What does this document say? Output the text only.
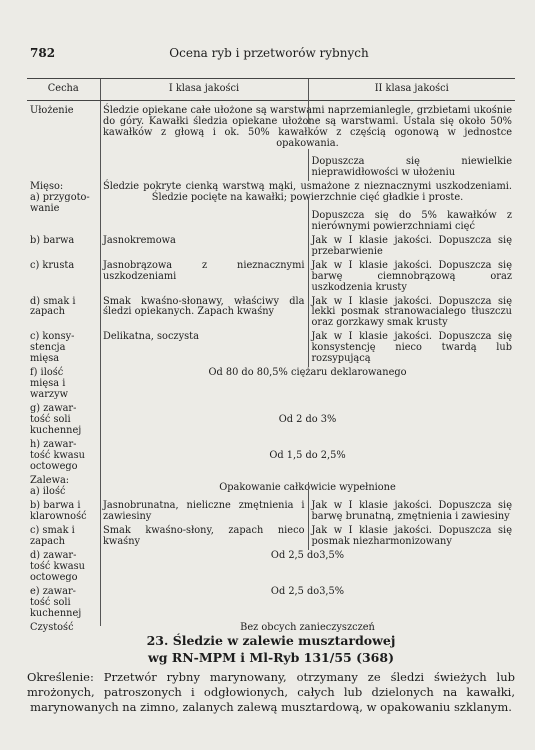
782	Ocena ryb i przetworów rybnych
Cecha	I klasa jakości	II klasa jakości
Ułożenie	Śledzie opiekane całe ułożone są warstwami naprzemianlegle, grzbietami ukośnie do góry. Kawałki śledzia opiekane ułożone są warstwami. Ustala się około 50% kawałków z głową i ok. 50% kawałków z częścią ogonową w jednostce opakowania.	

		Dopuszcza się niewielkie nieprawidłowości w ułożeniu
Mięso:
a) przygoto-
wanie	Śledzie pokryte cienką warstwą mąki, usmażone z nieznacznymi uszkodzeniami. Śledzie pocięte na kawałki; powierzchnie cięć gładkie i proste.	
		Dopuszcza się do 5% kawałków z nierównymi powierzchniami cięć
b) barwa	Jasnokremowa	Jak w I klasie jakości. Dopuszcza się przebarwienie
c) krusta	Jasnobrązowa z nieznacznymi uszkodzeniami	Jak w I klasie jakości. Dopuszcza się barwę ciemnobrązową oraz uszkodzenia krusty
d) smak i
zapach	Smak kwaśno-słonawy, właściwy dla śledzi opiekanych. Zapach kwaśny	Jak w I klasie jakości. Dopuszcza się lekki posmak stranowacialego tłuszczu oraz gorzkawy smak krusty
c) konsy-
stencja
mięsa	Delikatna, soczysta	Jak w I klasie jakości. Dopuszcza się konsystencję nieco twardą lub rozsypującą
f) ilość
mięsa i
warzyw	Od 80 do 80,5% ciężaru deklarowanego	
g) zawar-
tość soli
kuchennej	Od 2 do 3%	
h) zawar-
tość kwasu
octowego	Od 1,5 do 2,5%	
Zalewa:
a) ilość	Opakowanie całkowicie wypełnione	
b) barwa i
klarowność	Jasnobrunatna, nieliczne zmętnienia i zawiesiny	Jak w I klasie jakości. Dopuszcza się barwę brunatną, zmętnienia i zawiesiny
c) smak i
zapach	Smak kwaśno-słony, zapach nieco kwaśny	Jak w I klasie jakości. Dopuszcza się posmak niezharmonizowany
d) zawar-
tość kwasu
octowego	Od 2,5 do3,5%	
e) zawar-
tość soli
kuchennej	Od 2,5 do3,5%	
Czystość	Bez obcych zanieczyszczeń	
23. Śledzie w zalewie musztardowej
wg RN-MPM i Ml-Ryb 131/55 (368)
Określenie: Przetwór rybny marynowany, otrzymany ze śledzi świeżych lub mrożonych, patroszonych i odgłowionych, całych lub dzielonych na kawałki, marynowanych na zimno, zalanych zalewą musztardową, w opakowaniu szklanym.
